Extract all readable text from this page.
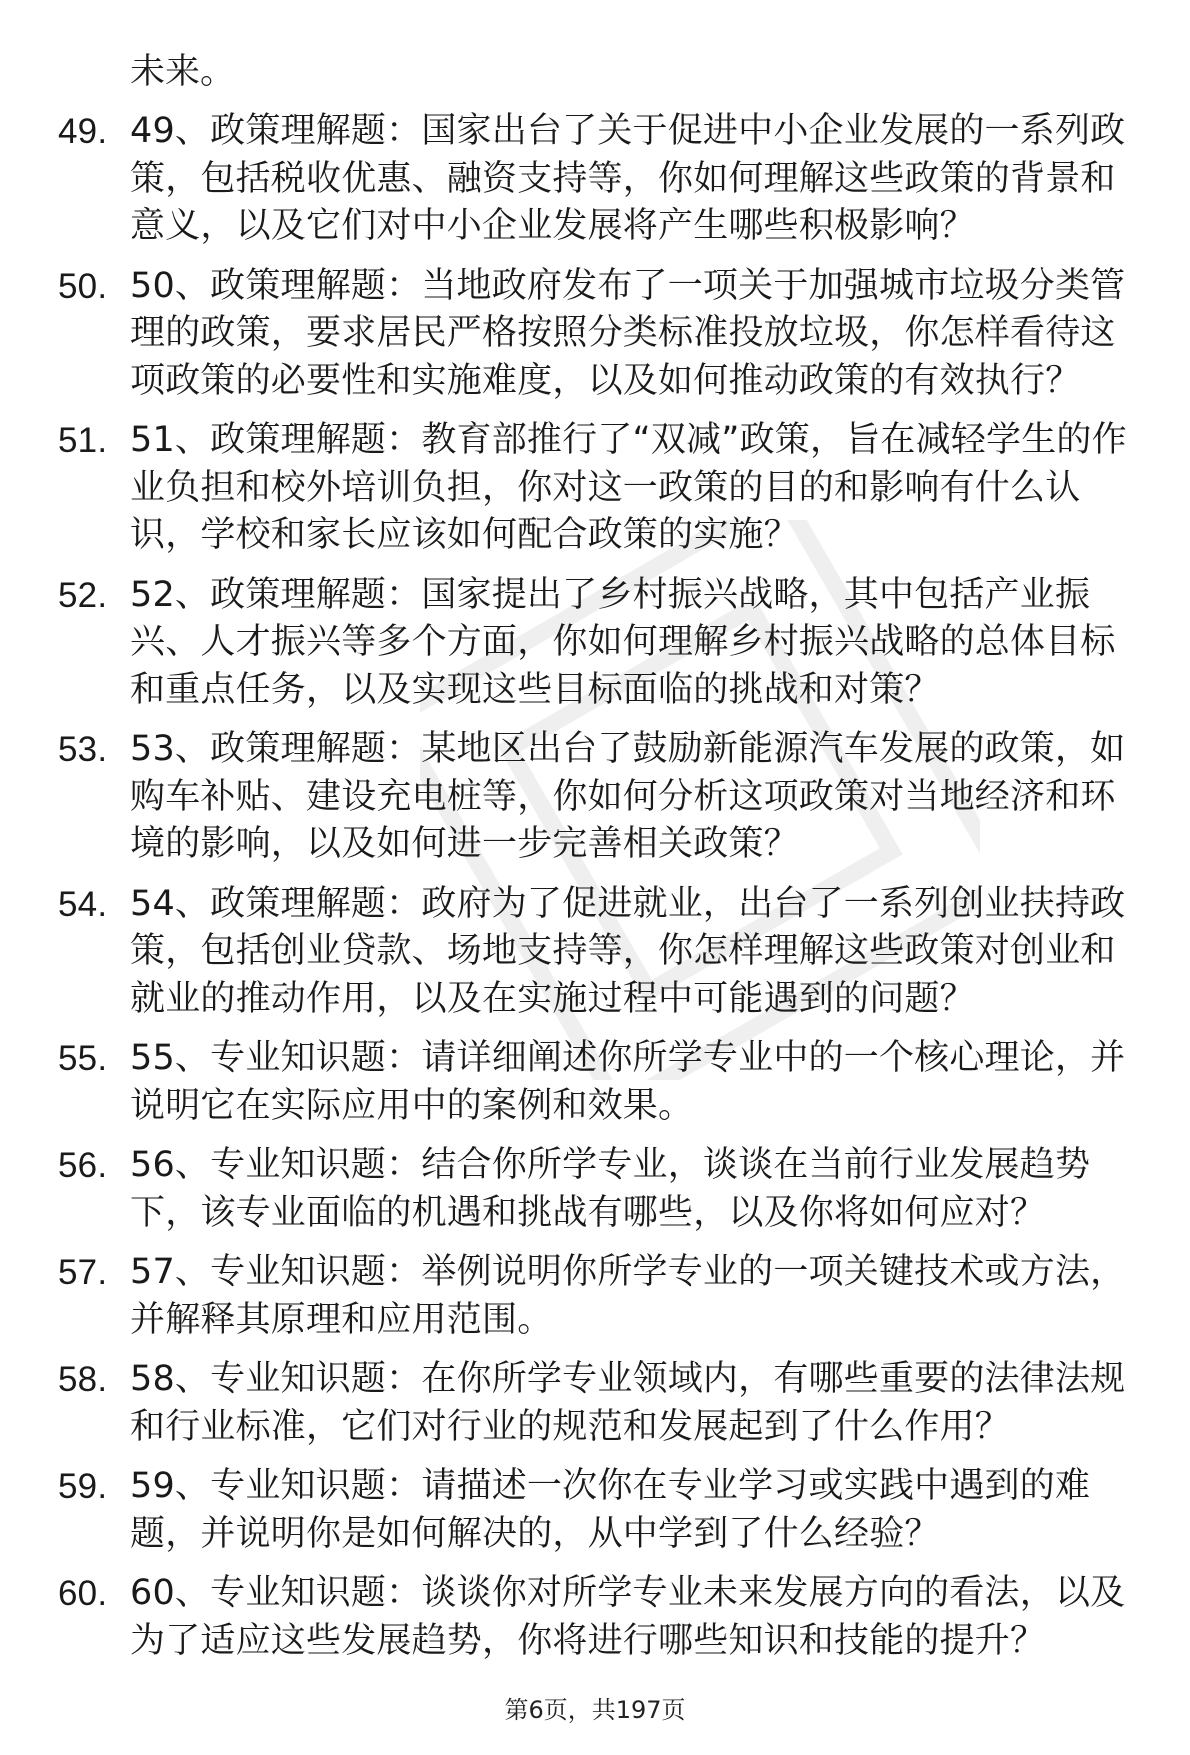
未来。

49. 49、政策理解题：国家出台了关于促进中小企业发展的一系列政策，包括税收优惠、融资支持等，你如何理解这些政策的背景和意义，以及它们对中小企业发展将产生哪些积极影响？
50. 50、政策理解题：当地政府发布了一项关于加强城市垃圾分类管理的政策，要求居民严格按照分类标准投放垃圾，你怎样看待这项政策的必要性和实施难度，以及如何推动政策的有效执行？
51. 51、政策理解题：教育部推行了“双减”政策，旨在减轻学生的作业负担和校外培训负担，你对这一政策的目的和影响有什么认识，学校和家长应该如何配合政策的实施？
52. 52、政策理解题：国家提出了乡村振兴战略，其中包括产业振兴、人才振兴等多个方面，你如何理解乡村振兴战略的总体目标和重点任务，以及实现这些目标面临的挑战和对策？
53. 53、政策理解题：某地区出台了鼓励新能源汽车发展的政策，如购车补贴、建设充电桩等，你如何分析这项政策对当地经济和环境的影响，以及如何进一步完善相关政策？
54. 54、政策理解题：政府为了促进就业，出台了一系列创业扶持政策，包括创业贷款、场地支持等，你怎样理解这些政策对创业和就业的推动作用，以及在实施过程中可能遇到的问题？
55. 55、专业知识题：请详细阐述你所学专业中的一个核心理论，并说明它在实际应用中的案例和效果。
56. 56、专业知识题：结合你所学专业，谈谈在当前行业发展趋势下，该专业面临的机遇和挑战有哪些，以及你将如何应对？
57. 57、专业知识题：举例说明你所学专业的一项关键技术或方法，并解释其原理和应用范围。
58. 58、专业知识题：在你所学专业领域内，有哪些重要的法律法规和行业标准，它们对行业的规范和发展起到了什么作用？
59. 59、专业知识题：请描述一次你在专业学习或实践中遇到的难题，并说明你是如何解决的，从中学到了什么经验？
60. 60、专业知识题：谈谈你对所学专业未来发展方向的看法，以及为了适应这些发展趋势，你将进行哪些知识和技能的提升？
第6页，共197页
